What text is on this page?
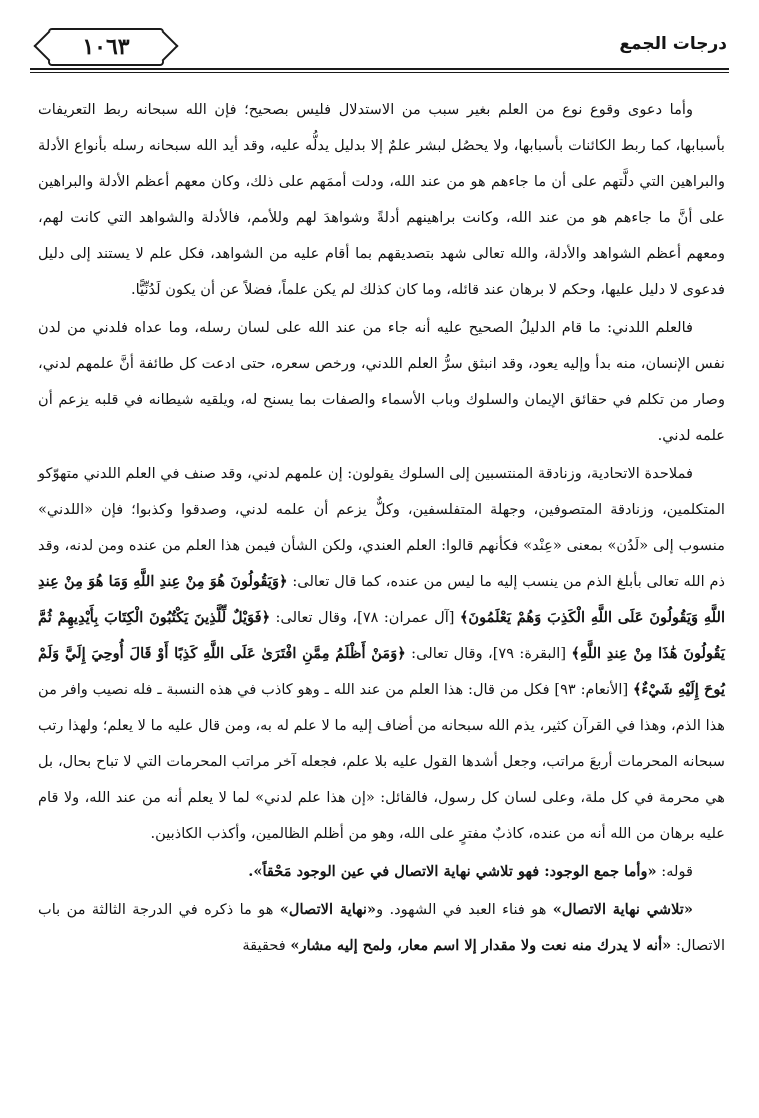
١٠٦٣	درجات الجمع

وأما دعوى وقوع نوع من العلم بغير سبب من الاستدلال فليس بصحيح؛ فإن الله سبحانه ربط التعريفات بأسبابها، كما ربط الكائنات بأسبابها، ولا يحصُل لبشر علمٌ إلا بدليل يدلُّه عليه، وقد أيد الله سبحانه رسله بأنواع الأدلة والبراهين التي دلَّتهم على أن ما جاءهم هو من عند الله، ودلت أممَهم على ذلك، وكان معهم أعظم الأدلة والبراهين على أنَّ ما جاءهم هو من عند الله، وكانت براهينهم أدلةً وشواهدَ لهم وللأمم، فالأدلة والشواهد التي كانت لهم، ومعهم أعظم الشواهد والأدلة، والله تعالى شهد بتصديقهم بما أقام عليه من الشواهد، فكل علم لا يستند إلى دليل فدعوى لا دليل عليها، وحكم لا برهان عند قائله، وما كان كذلك لم يكن علماً، فضلاً عن أن يكون لَدُنِّيًّا.

فالعلم اللدني: ما قام الدليلُ الصحيح عليه أنه جاء من عند الله على لسان رسله، وما عداه فلدني من لدن نفس الإنسان، منه بدأ وإليه يعود، وقد انبثق سرُّ العلم اللدني، ورخص سعره، حتى ادعت كل طائفة أنَّ علمهم لدني، وصار من تكلم في حقائق الإيمان والسلوك وباب الأسماء والصفات بما يسنح له، ويلقيه شيطانه في قلبه يزعم أن علمه لدني.

فملاحدة الاتحادية، وزنادقة المنتسبين إلى السلوك يقولون: إن علمهم لدني، وقد صنف في العلم اللدني متهوّكو المتكلمين، وزنادقة المتصوفين، وجهلة المتفلسفين، وكلٌّ يزعم أن علمه لدني، وصدقوا وكذبوا؛ فإن «اللدني» منسوب إلى «لَدُن» بمعنى «عِنْد» فكأنهم قالوا: العلم العندي، ولكن الشأن فيمن هذا العلم من عنده ومن لدنه، وقد ذم الله تعالى بأبلغ الذم من ينسب إليه ما ليس من عنده، كما قال تعالى: ﴿وَيَقُولُونَ هُوَ مِنْ عِندِ اللَّهِ وَمَا هُوَ مِنْ عِندِ اللَّهِ وَيَقُولُونَ عَلَى اللَّهِ الْكَذِبَ وَهُمْ يَعْلَمُونَ﴾ [آل عمران: ٧٨]، وقال تعالى: ﴿فَوَيْلٌ لِّلَّذِينَ يَكْتُبُونَ الْكِتَابَ بِأَيْدِيهِمْ ثُمَّ يَقُولُونَ هَٰذَا مِنْ عِندِ اللَّهِ﴾ [البقرة: ٧٩]، وقال تعالى: ﴿وَمَنْ أَظْلَمُ مِمَّنِ افْتَرَىٰ عَلَى اللَّهِ كَذِبًا أَوْ قَالَ أُوحِيَ إِلَيَّ وَلَمْ يُوحَ إِلَيْهِ شَيْءٌ﴾ [الأنعام: ٩٣] فكل من قال: هذا العلم من عند الله ـ وهو كاذب في هذه النسبة ـ فله نصيب وافر من هذا الذم، وهذا في القرآن كثير، يذم الله سبحانه من أضاف إليه ما لا علم له به، ومن قال عليه ما لا يعلم؛ ولهذا رتب سبحانه المحرمات أربعَ مراتب، وجعل أشدها القول عليه بلا علم، فجعله آخر مراتب المحرمات التي لا تباح بحال، بل هي محرمة في كل ملة، وعلى لسان كل رسول، فالقائل: «إن هذا علم لدني» لما لا يعلم أنه من عند الله، ولا قام عليه برهان من الله أنه من عنده، كاذبٌ مفترٍ على الله، وهو من أظلم الظالمين، وأكذب الكاذبين.

قوله: «وأما جمع الوجود: فهو تلاشي نهاية الاتصال في عين الوجود مَحْقاً».

«تلاشي نهاية الاتصال» هو فناء العبد في الشهود. و«نهاية الاتصال» هو ما ذكره في الدرجة الثالثة من باب الاتصال: «أنه لا يدرك منه نعت ولا مقدار إلا اسم معار، ولمح إليه مشار» فحقيقة
